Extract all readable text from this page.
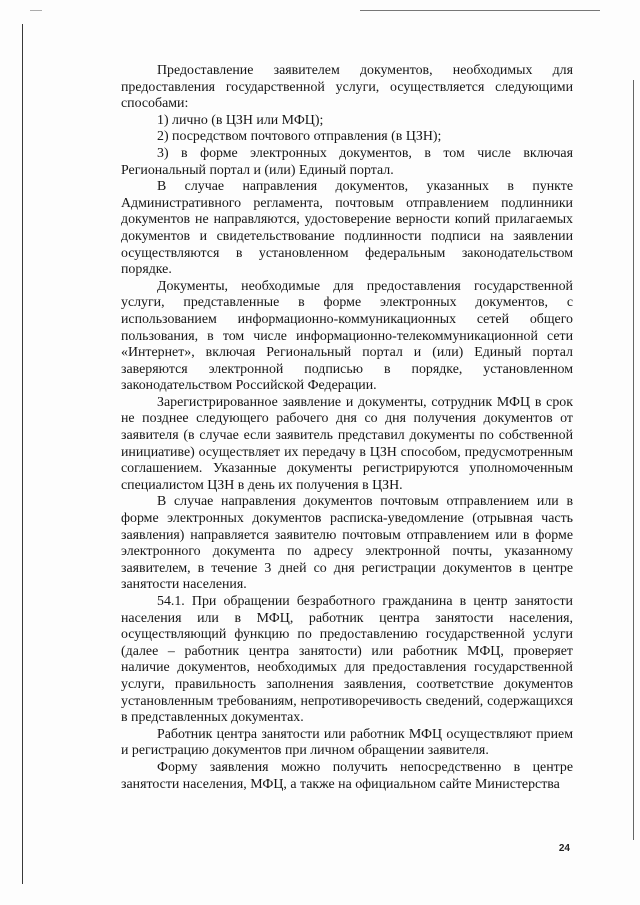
Предоставление заявителем документов, необходимых для предоставления государственной услуги, осуществляется следующими способами:

1) лично (в ЦЗН или МФЦ);

2) посредством почтового отправления (в ЦЗН);

3) в форме электронных документов, в том числе включая Региональный портал и (или) Единый портал.

В случае направления документов, указанных в пункте Административного регламента, почтовым отправлением подлинники документов не направляются, удостоверение верности копий прилагаемых документов и свидетельствование подлинности подписи на заявлении осуществляются в установленном федеральным законодательством порядке.

Документы, необходимые для предоставления государственной услуги, представленные в форме электронных документов, с использованием информационно-коммуникационных сетей общего пользования, в том числе информационно-телекоммуникационной сети «Интернет», включая Региональный портал и (или) Единый портал заверяются электронной подписью в порядке, установленном законодательством Российской Федерации.

Зарегистрированное заявление и документы, сотрудник МФЦ в срок не позднее следующего рабочего дня со дня получения документов от заявителя (в случае если заявитель представил документы по собственной инициативе) осуществляет их передачу в ЦЗН способом, предусмотренным соглашением. Указанные документы регистрируются уполномоченным специалистом ЦЗН в день их получения в ЦЗН.

В случае направления документов почтовым отправлением или в форме электронных документов расписка-уведомление (отрывная часть заявления) направляется заявителю почтовым отправлением или в форме электронного документа по адресу электронной почты, указанному заявителем, в течение 3 дней со дня регистрации документов в центре занятости населения.

54.1. При обращении безработного гражданина в центр занятости населения или в МФЦ, работник центра занятости населения, осуществляющий функцию по предоставлению государственной услуги (далее – работник центра занятости) или работник МФЦ, проверяет наличие документов, необходимых для предоставления государственной услуги, правильность заполнения заявления, соответствие документов установленным требованиям, непротиворечивость сведений, содержащихся в представленных документах.

Работник центра занятости или работник МФЦ осуществляют прием и регистрацию документов при личном обращении заявителя.

Форму заявления можно получить непосредственно в центре занятости населения, МФЦ, а также на официальном сайте Министерства

24
